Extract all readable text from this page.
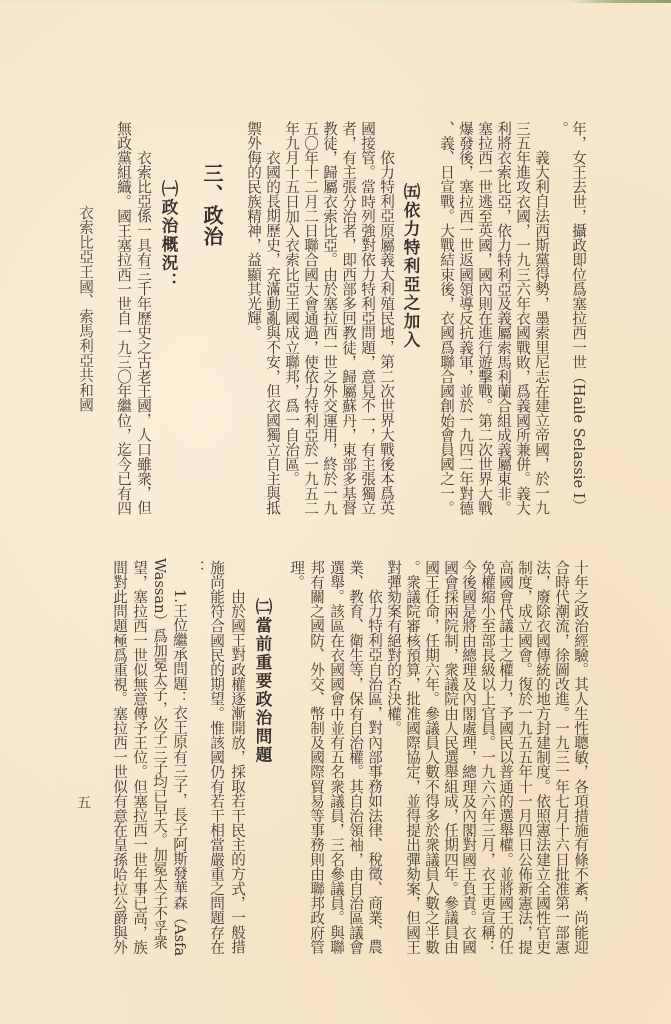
年，女王去世，攝政即位爲塞拉西一世（Haile Selassie I）
。
義大利自法西斯黨得勢，墨索里尼志在建立帝國，於一九
三五年進攻衣國，一九三六年衣國戰敗，爲義國所兼併。義大
利將衣索比亞，依力特利亞及義屬索馬利蘭合組成義屬東非。
塞拉西一世逃至英國，國內則在進行遊擊戰。第二次世界大戰
爆發後，塞拉西一世返國領導反抗義軍，並於一九四二年對德
、義、日宣戰。大戰結束後，衣國爲聯合國創始會員國之一。
㈤依力特利亞之加入
依力特利亞原屬義大利殖民地，第二次世界大戰後本爲英
國接管。當時列強對依力特利亞問題，意見不一，有主張獨立
者，有主張分治者，即西部多回教徒，歸屬蘇丹，東部多基督
教徒，歸屬衣索比亞。由於塞拉西一世之外交運用，終於一九
五〇年十二月二日聯合國大會通過，使依力特利亞於一九五二
年九月十五日加入衣索比亞王國成立聯邦，爲一自治區。
衣國的長期歷史，充滿動亂與不安，但衣國獨立自主與抵
禦外侮的民族精神，益顯其光輝。
三、政治
㈠政治概況：
衣索比亞係一具有三千年歷史之古老王國，人口雖衆，但
無政黨組織。國王塞拉西一世自一九三〇年繼位，迄今已有四
衣索比亞王國、索馬利亞共和國
十年之政治經驗。其人生性聰敏，各項措施有條不紊，尚能迎
合時代潮流，徐圖改進。一九三一年七月十六日批准第一部憲
法，廢除衣國傳統的地方封建制度。依照憲法建立全國性官吏
制度，成立國會。復於一九五五年十一月四日公佈新憲法，提
高國會代議士之權力，予國民以普通的選舉權。並將國王的任
免權縮小至部長級以上官員。一九六六年三月，衣王更宣稱：
今後國是將由總理及內閣處理，總理及內閣對國王負責。衣國
國會採兩院制，衆議院由人民選舉組成，任期四年。參議員由
國王任命，任期六年。參議員人數不得多於衆議員人數之半數
。衆議院審核預算，批准國際協定，並得提出彈劾案，但國王
對彈劾案有絕對的否決權。
依力特利亞自治區，對內部事務如法律、稅徵、商業、農
業、教育、衛生等，保有自治權。其自治領袖，由自治區議會
選舉。該區在衣國國會中並有五名衆議員，三名參議員。與聯
邦有關之國防、外交、幣制及國際貿易等事務則由聯邦政府管
理。
㈡當前重要政治問題
由於國王對政權逐漸開放，採取若干民主的方式，一般措
施尚能符合國民的期望。惟該國仍有若干相當嚴重之問題存在
：
1.王位繼承問題：衣王原有三子，長子阿斯發華森（Asfa
Wassan）爲加冕太子，次子三子均已早夭。加冕太子不孚衆
望，塞拉西一世似無意傳予王位。但塞拉西一世年事已高，族
間對此問題極爲重視。塞拉西一世似有意在皇孫哈拉公爵與外
五
